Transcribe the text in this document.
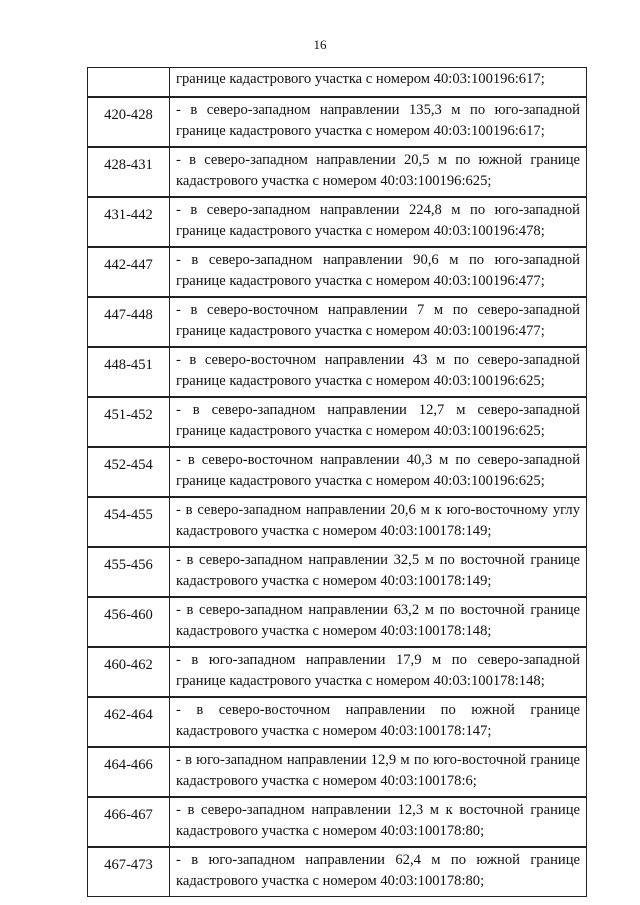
16
	границе кадастрового участка с номером 40:03:100196:617;

420-428	- в северо-западном направлении 135,3 м по юго-западной границе кадастрового участка с номером 40:03:100196:617;

428-431	- в северо-западном направлении 20,5 м по южной границе кадастрового участка с номером 40:03:100196:625;

431-442	- в северо-западном направлении 224,8 м по юго-западной границе кадастрового участка с номером 40:03:100196:478;

442-447	- в северо-западном направлении 90,6 м по юго-западной границе кадастрового участка с номером 40:03:100196:477;

447-448	- в северо-восточном направлении 7 м по северо-западной границе кадастрового участка с номером 40:03:100196:477;

448-451	- в северо-восточном направлении 43 м по северо-западной границе кадастрового участка с номером 40:03:100196:625;

451-452	- в северо-западном направлении 12,7 м северо-западной границе кадастрового участка с номером 40:03:100196:625;

452-454	- в северо-восточном направлении 40,3 м по северо-западной границе кадастрового участка с номером 40:03:100196:625;

454-455	- в северо-западном направлении 20,6 м к юго-восточному углу кадастрового участка с номером 40:03:100178:149;

455-456	- в северо-западном направлении 32,5 м по восточной границе кадастрового участка с номером 40:03:100178:149;

456-460	- в северо-западном направлении 63,2 м по восточной границе кадастрового участка с номером 40:03:100178:148;

460-462	- в юго-западном направлении 17,9 м по северо-западной границе кадастрового участка с номером 40:03:100178:148;

462-464	- в северо-восточном направлении по южной границе кадастрового участка с номером 40:03:100178:147;

464-466	- в юго-западном направлении 12,9 м по юго-восточной границе кадастрового участка с номером 40:03:100178:6;

466-467	- в северо-западном направлении 12,3 м к восточной границе кадастрового участка с номером 40:03:100178:80;

467-473	- в юго-западном направлении 62,4 м по южной границе кадастрового участка с номером 40:03:100178:80;
